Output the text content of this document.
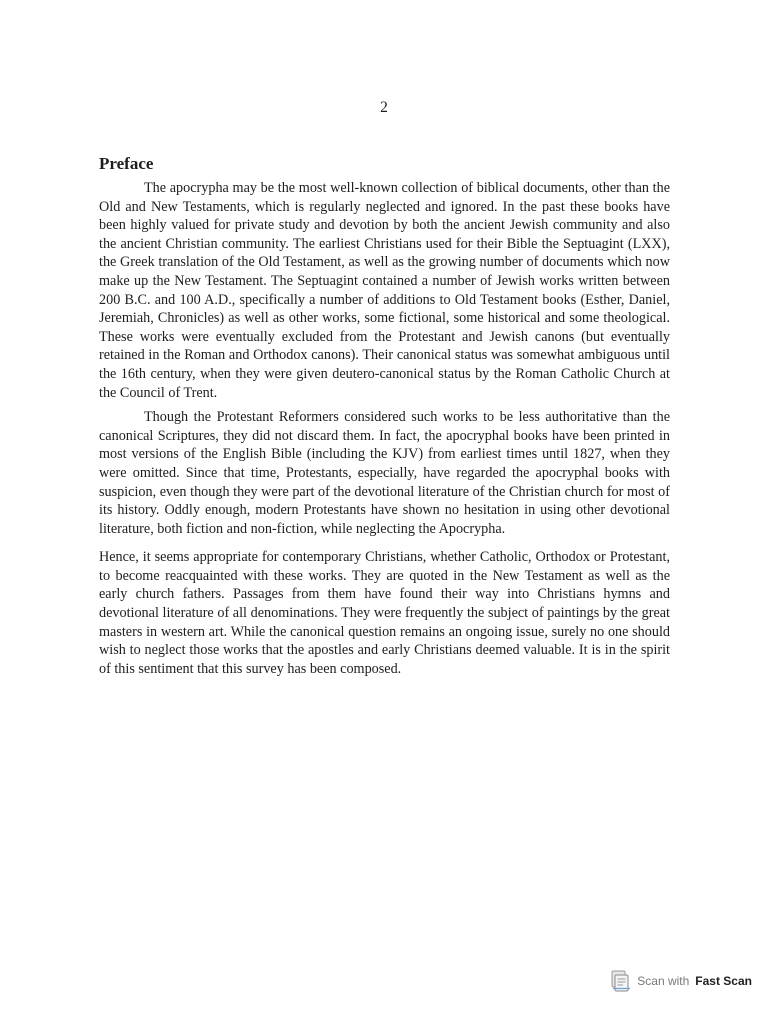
2
Preface

The apocrypha may be the most well-known collection of biblical documents, other than the Old and New Testaments, which is regularly neglected and ignored. In the past these books have been highly valued for private study and devotion by both the ancient Jewish community and also the ancient Christian community. The earliest Christians used for their Bible the Septuagint (LXX), the Greek translation of the Old Testament, as well as the growing number of documents which now make up the New Testament. The Septuagint contained a number of Jewish works written between 200 B.C. and 100 A.D., specifically a number of additions to Old Testament books (Esther, Daniel, Jeremiah, Chronicles) as well as other works, some fictional, some historical and some theological. These works were eventually excluded from the Protestant and Jewish canons (but eventually retained in the Roman and Orthodox canons). Their canonical status was somewhat ambiguous until the 16th century, when they were given deutero-canonical status by the Roman Catholic Church at the Council of Trent.

Though the Protestant Reformers considered such works to be less authoritative than the canonical Scriptures, they did not discard them. In fact, the apocryphal books have been printed in most versions of the English Bible (including the KJV) from earliest times until 1827, when they were omitted. Since that time, Protestants, especially, have regarded the apocryphal books with suspicion, even though they were part of the devotional literature of the Christian church for most of its history. Oddly enough, modern Protestants have shown no hesitation in using other devotional literature, both fiction and non-fiction, while neglecting the Apocrypha.

Hence, it seems appropriate for contemporary Christians, whether Catholic, Orthodox or Protestant, to become reacquainted with these works. They are quoted in the New Testament as well as the early church fathers. Passages from them have found their way into Christians hymns and devotional literature of all denominations. They were frequently the subject of paintings by the great masters in western art. While the canonical question remains an ongoing issue, surely no one should wish to neglect those works that the apostles and early Christians deemed valuable. It is in the spirit of this sentiment that this survey has been composed.

Scan with Fast Scan
